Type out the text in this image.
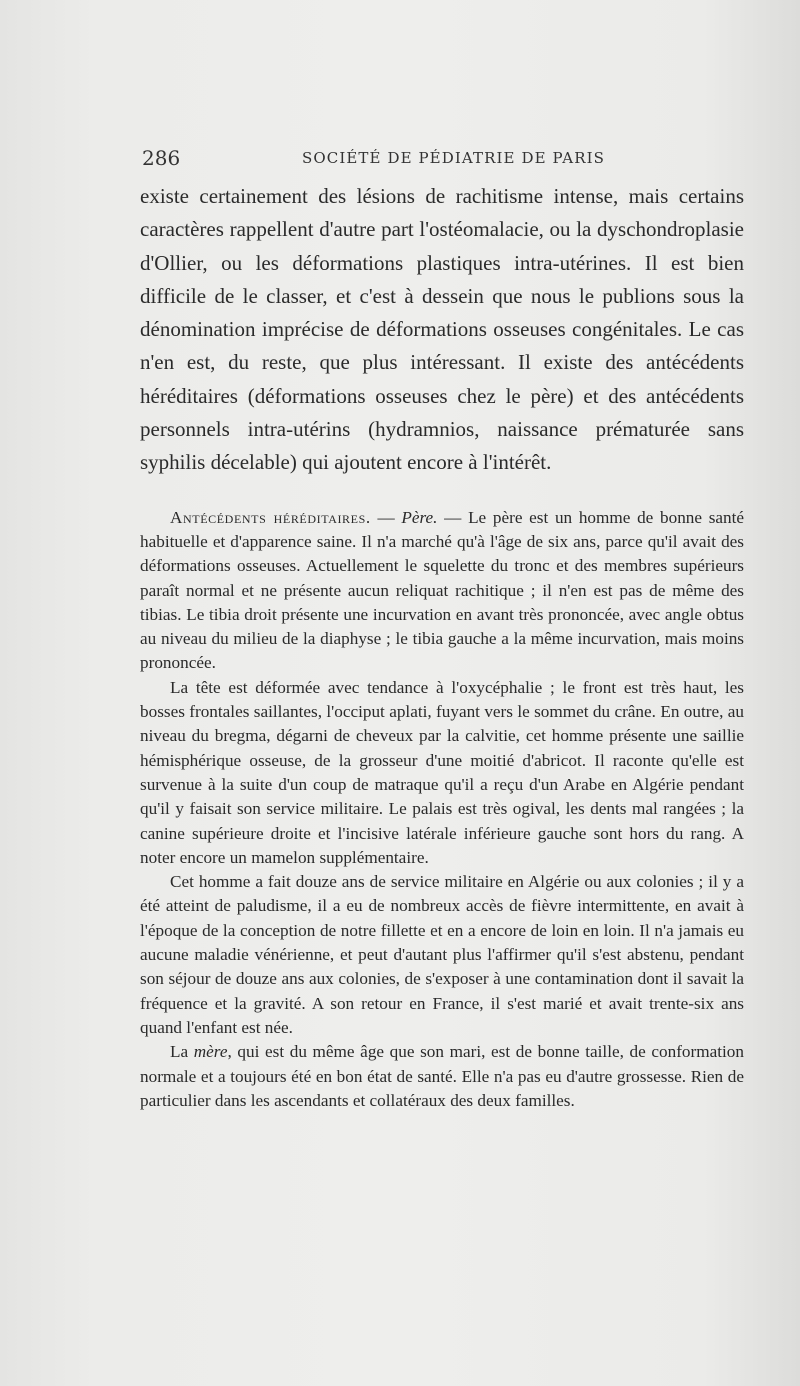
286	SOCIÉTÉ DE PÉDIATRIE DE PARIS

existe certainement des lésions de rachitisme intense, mais certains caractères rappellent d'autre part l'ostéomalacie, ou la dyschondroplasie d'Ollier, ou les déformations plastiques intra-utérines. Il est bien difficile de le classer, et c'est à dessein que nous le publions sous la dénomination imprécise de déformations osseuses congénitales. Le cas n'en est, du reste, que plus intéressant. Il existe des antécédents héréditaires (déformations osseuses chez le père) et des antécédents personnels intra-utérins (hydramnios, naissance prématurée sans syphilis décelable) qui ajoutent encore à l'intérêt.

Antécédents héréditaires. — Père. — Le père est un homme de bonne santé habituelle et d'apparence saine. Il n'a marché qu'à l'âge de six ans, parce qu'il avait des déformations osseuses. Actuellement le squelette du tronc et des membres supérieurs paraît normal et ne présente aucun reliquat rachitique ; il n'en est pas de même des tibias. Le tibia droit présente une incurvation en avant très prononcée, avec angle obtus au niveau du milieu de la diaphyse ; le tibia gauche a la même incurvation, mais moins prononcée.

La tête est déformée avec tendance à l'oxycéphalie ; le front est très haut, les bosses frontales saillantes, l'occiput aplati, fuyant vers le sommet du crâne. En outre, au niveau du bregma, dégarni de cheveux par la calvitie, cet homme présente une saillie hémisphérique osseuse, de la grosseur d'une moitié d'abricot. Il raconte qu'elle est survenue à la suite d'un coup de matraque qu'il a reçu d'un Arabe en Algérie pendant qu'il y faisait son service militaire. Le palais est très ogival, les dents mal rangées ; la canine supérieure droite et l'incisive latérale inférieure gauche sont hors du rang. A noter encore un mamelon supplémentaire.

Cet homme a fait douze ans de service militaire en Algérie ou aux colonies ; il y a été atteint de paludisme, il a eu de nombreux accès de fièvre intermittente, en avait à l'époque de la conception de notre fillette et en a encore de loin en loin. Il n'a jamais eu aucune maladie vénérienne, et peut d'autant plus l'affirmer qu'il s'est abstenu, pendant son séjour de douze ans aux colonies, de s'exposer à une contamination dont il savait la fréquence et la gravité. A son retour en France, il s'est marié et avait trente-six ans quand l'enfant est née.

La mère, qui est du même âge que son mari, est de bonne taille, de conformation normale et a toujours été en bon état de santé. Elle n'a pas eu d'autre grossesse. Rien de particulier dans les ascendants et collatéraux des deux familles.
